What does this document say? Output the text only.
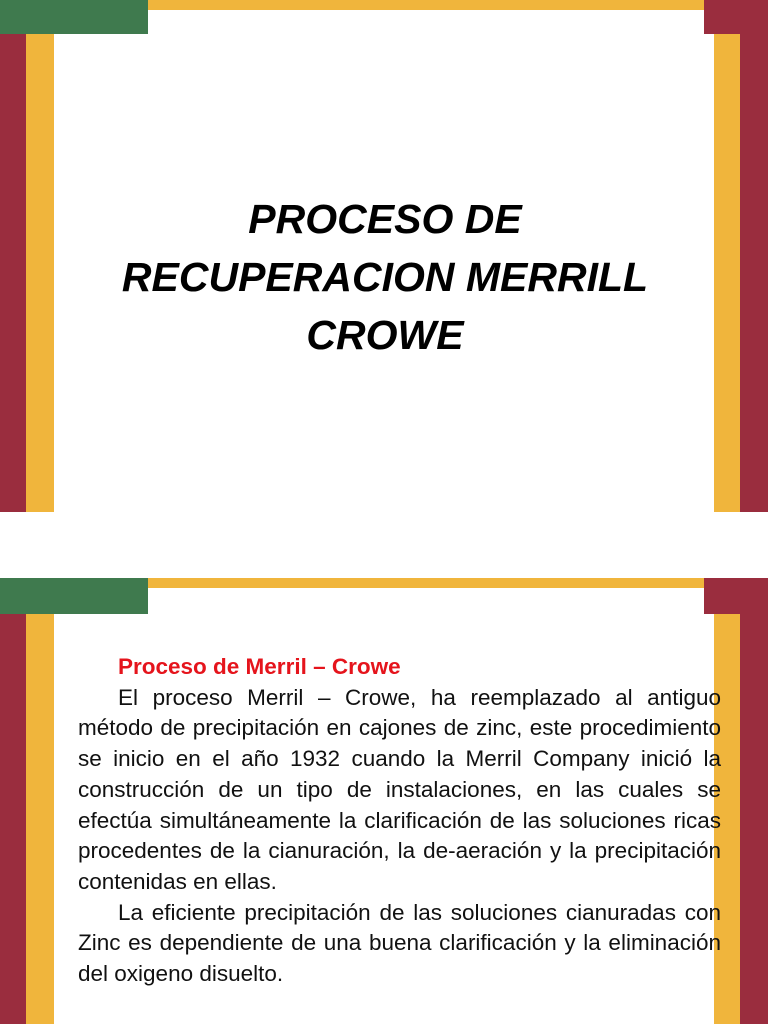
PROCESO DE
RECUPERACION MERRILL
CROWE
Proceso de Merril – Crowe

El proceso Merril – Crowe, ha reemplazado al antiguo método de precipitación en cajones de zinc, este procedimiento se inicio en el año 1932 cuando la Merril Company inició la construcción de un tipo de instalaciones, en las cuales se efectúa simultáneamente la clarificación de las soluciones ricas procedentes de la cianuración, la de-aeración y la precipitación contenidas en ellas.

La eficiente precipitación de las soluciones cianuradas con Zinc es dependiente de una buena clarificación y la eliminación del oxigeno disuelto.
